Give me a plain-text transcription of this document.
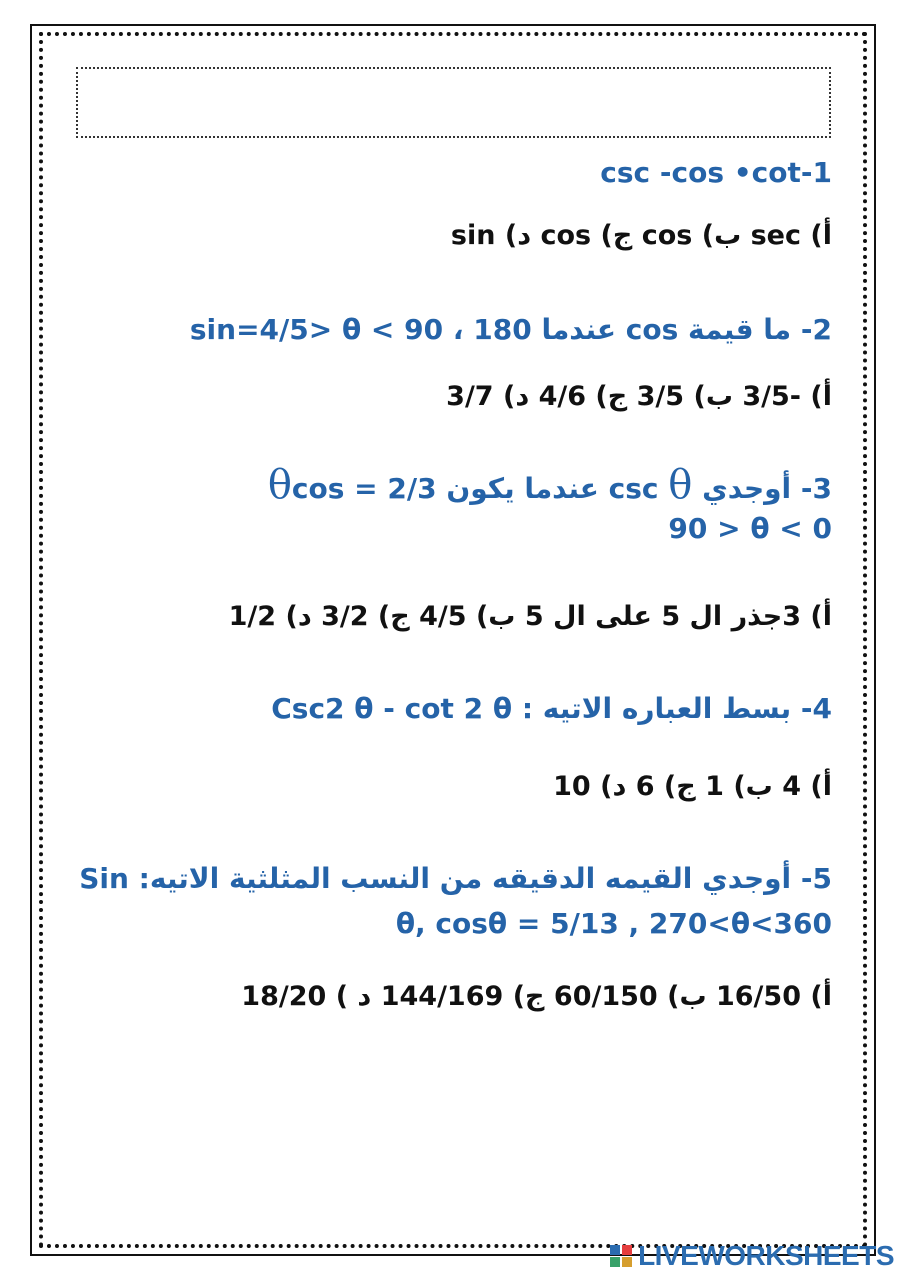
csc -cos •cot-1
أ) sec ب) cos ج) cos د) sin
2- ما قيمة cos عندما 180 ، sin=4/5> θ < 90
أ) -3/5 ب) 3/5 ج) 4/6 د) 3/7
3- أوجدي csc θ عندما يكون cos = 2/3θ
90 > θ < 0
أ) 3جذر ال 5 على ال 5 ب) 4/5 ج) 3/2 د) 1/2
4- بسط العباره الاتيه : Csc2 θ - cot 2 θ
أ) 4 ب) 1 ج) 6 د) 10
5- أوجدي القيمه الدقيقه من النسب المثلثية الاتيه: Sin
θ, cosθ = 5/13 , 270<θ<360
أ) 16/50 ب) 60/150 ج) 144/169 د ) 18/20
LIVEWORKSHEETS
